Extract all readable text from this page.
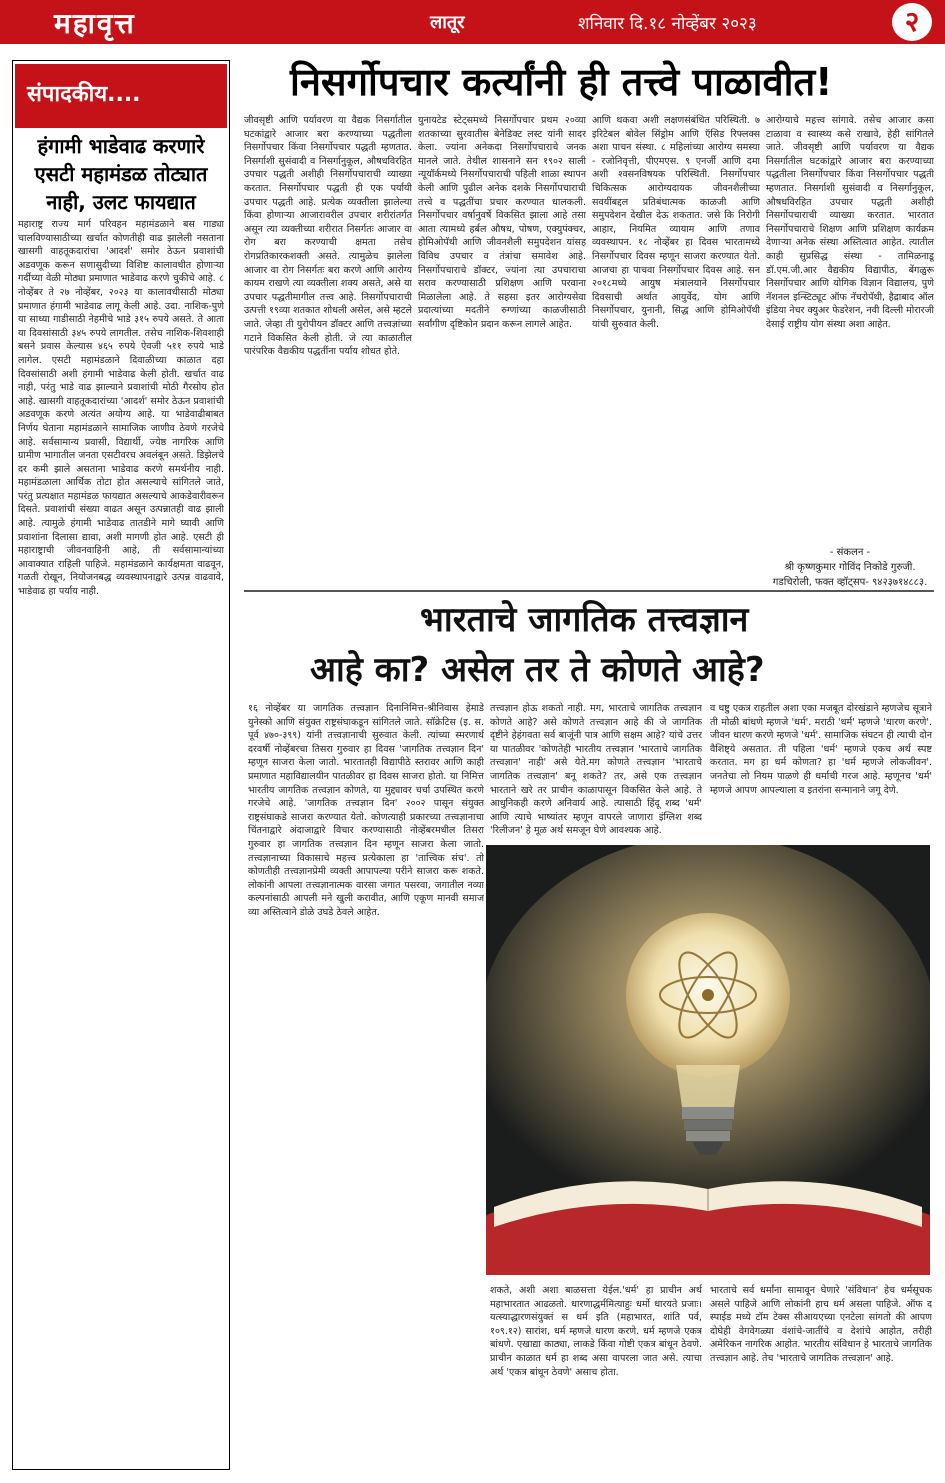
महावृत्त	लातूर	शनिवार दि.१८ नोव्हेंबर २०२३	२
संपादकीय....
हंगामी भाडेवाढ करणारे एसटी महामंडळ तोट्यात नाही, उलट फायद्यात
महाराष्ट्र राज्य मार्ग परिवहन महामंडळाने बस गाड्या चालविण्यासाठीच्या खर्चात कोणतीही वाढ झालेली नसताना खासगी वाहतूकदारांचा 'आदर्श' समोर ठेऊन प्रवाशांची अडवणूक करून सणासुदीच्या विशिष्ट कालावधीत होणाऱ्या गर्दीच्या वेळी मोठ्या प्रमाणात भाडेवाढ करणे चुकीचे आहे. ८ नोव्हेंबर ते २७ नोव्हेंबर, २०२३ या कालावधीसाठी मोठ्या प्रमाणात हंगामी भाडेवाढ लागू केली आहे. उदा. नाशिक-पुणे या साध्या गाडीसाठी नेहमीचे भाडे ३१५ रुपये असते. ते आता या दिवसांसाठी ३४५ रुपये लागतील. तसेच नाशिक-शिवशाही बसने प्रवास केल्यास ४६५ रुपये ऐवजी ५११ रुपये भाडे लागेल. एसटी महामंडळाने दिवाळीच्या काळात दहा दिवसांसाठी अशी हंगामी भाडेवाढ केली होती. खर्चात वाढ नाही, परंतु भाडे वाढ झाल्याने प्रवाशांची मोठी गैरसोय होत आहे. खासगी वाहतूकदारांच्या 'आदर्श' समोर ठेऊन प्रवाशांची अडवणूक करणे अत्यंत अयोग्य आहे. या भाडेवाढीबाबत निर्णय घेताना महामंडळाने सामाजिक जाणीव ठेवणे गरजेचे आहे. सर्वसामान्य प्रवासी, विद्यार्थी, ज्येष्ठ नागरिक आणि ग्रामीण भागातील जनता एसटीवरच अवलंबून असते. डिझेलचे दर कमी झाले असताना भाडेवाढ करणे समर्थनीय नाही. महामंडळाला आर्थिक तोटा होत असल्याचे सांगितले जाते, परंतु प्रत्यक्षात महामंडळ फायद्यात असल्याचे आकडेवारीवरून दिसते. प्रवाशांची संख्या वाढत असून उत्पन्नातही वाढ झाली आहे. त्यामुळे हंगामी भाडेवाढ तातडीने मागे घ्यावी आणि प्रवाशांना दिलासा द्यावा, अशी मागणी होत आहे. एसटी ही महाराष्ट्राची जीवनवाहिनी आहे, ती सर्वसामान्यांच्या आवाक्यात राहिली पाहिजे. महामंडळाने कार्यक्षमता वाढवून, गळती रोखून, नियोजनबद्ध व्यवस्थापनाद्वारे उत्पन्न वाढवावे, भाडेवाढ हा पर्याय नाही.
निसर्गोपचार कर्त्यांनी ही तत्त्वे पाळावीत!
जीवसृष्टी आणि पर्यावरण या वैद्यक निसर्गातील घटकांद्वारे आजार बरा करण्याच्या पद्धतीला निसर्गोपचार किंवा निसर्गोपचार पद्धती म्हणतात. निसर्गाशी सुसंवादी व निसर्गानुकूल, औषधविरहित उपचार पद्धती अशीही निसर्गोपचाराची व्याख्या करतात. निसर्गोपचार पद्धती ही एक पर्यायी उपचार पद्धती आहे. प्रत्येक व्यक्तीला झालेल्या किंवा होणाऱ्या आजारावरील उपचार शरीरांतर्गत असून त्या व्यक्तीच्या शरीरात निसर्गतः आजार वा रोग बरा करण्याची क्षमता तसेच रोगप्रतिकारकशक्ती असते. त्यामुळेच झालेला आजार वा रोग निसर्गतः बरा करणे आणि आरोग्य कायम राखणे त्या व्यक्तीला शक्य असते, असे या उपचार पद्धतीमागील तत्त्व आहे. निसर्गोपचाराची उत्पत्ती १९व्या शतकात शोधली असेल, असे म्हटले जाते. जेव्हा ती युरोपीयन डॉक्टर आणि तत्त्वज्ञांच्या गटाने विकसित केली होती. जे त्या काळातील पारंपरिक वैद्यकीय पद्धतींना पर्याय शोधत होते.
युनायटेड स्टेट्समध्ये निसर्गोपचार प्रथम २०व्या शतकाच्या सुरवातीस बेनेडिक्ट लस्ट यांनी सादर केला. ज्यांना अनेकदा निसर्गोपचाराचे जनक मानले जाते. तेथील शासनाने सन १९०२ साली न्यूयॉर्कमध्ये निसर्गोपचाराची पहिली शाळा स्थापन केली आणि पुढील अनेक दशके निसर्गोपचाराची तत्त्वे व पद्धतींचा प्रचार करण्यात धालकली. निसर्गोपचार वर्षानुवर्षे विकसित झाला आहे तसा आता त्यामध्ये हर्बल औषध, पोषण, एक्युपंक्चर, होमिओपॅथी आणि जीवनशैली समुपदेशन यांसह विविध उपचार व तंत्रांचा समावेश आहे. निसर्गोपचाराचे डॉक्टर, ज्यांना त्या उपचाराचा सराव करण्यासाठी प्रशिक्षण आणि परवाना मिळालेला आहे. ते सहसा इतर आरोग्यसेवा प्रदात्यांच्या मदतीने रुग्णांच्या काळजीसाठी सर्वांगीण दृष्टिकोन प्रदान करून लागले आहेत.
आणि थकवा अशी लक्षणसंबंधित परिस्थिती. ७ इरिटेबल बोवेल सिंड्रोम आणि ऍसिड रिफ्लक्स अशा पाचन संस्था. ८ महिलांच्या आरोग्य समस्या - रजोनिवृत्ती, पीएमएस. ९ एनर्जी आणि दमा अशी श्वसनविषयक परिस्थिती. निसर्गोपचार चिकित्सक आरोग्यदायक जीवनशैलीच्या सवयींबद्दल प्रतिबंधात्मक काळजी आणि समुपदेशन देखील देऊ शकतात. जसे कि निरोगी आहार, नियमित व्यायाम आणि तणाव व्यवस्थापन. १८ नोव्हेंबर हा दिवस भारतामध्ये निसर्गोपचार दिवस म्हणून साजरा करण्यात येतो. आजचा हा पाचवा निसर्गोपचार दिवस आहे. सन २०१८मध्ये आयुष मंत्रालयाने निसर्गोपचार दिवसाची अर्थात आयुर्वेद, योग आणि निसर्गोपचार, युनानी, सिद्ध आणि होमिओपॅथी यांची सुरुवात केली.
आरोग्याचे महत्त्व सांगावे. तसेच आजार कसा टाळावा व स्वास्थ्य कसे राखावे, हेही सांगितले जाते. जीवसृष्टी आणि पर्यावरण या वैद्यक निसर्गातील घटकांद्वारे आजार बरा करण्याच्या पद्धतीला निसर्गोपचार किंवा निसर्गोपचार पद्धती म्हणतात. निसर्गाशी सुसंवादी व निसर्गानुकूल, औषधविरहित उपचार पद्धती अशीही निसर्गोपचाराची व्याख्या करतात. भारतात निसर्गोपचाराचे शिक्षण आणि प्रशिक्षण कार्यक्रम देणाऱ्या अनेक संस्था अस्तित्वात आहेत. त्यातील काही सुप्रसिद्ध संस्था - तामिळनाडू डॉ.एम.जी.आर वैद्यकीय विद्यापीठ, बेंगळुरू निसर्गोपचार आणि योगिक विज्ञान विद्यालय, पुणे नॅशनल इन्स्टिट्यूट ऑफ नॅचरोपॅथी, हैद्राबाद ऑल इंडिया नेचर क्युअर फेडरेशन, नवी दिल्ली मोरारजी देसाई राष्ट्रीय योग संस्था अशा आहेत.
- संकलन -
श्री कृष्णकुमार गोविंद निकोडे गुरुजी.
गडचिरोली, फक्त व्हॉट्सप- ९४२३७१४८८३.
भारताचे जागतिक तत्त्वज्ञान
आहे का? असेल तर ते कोणते आहे?
१६ नोव्हेंबर या जागतिक तत्त्वज्ञान दिनानिमित्त-श्रीनिवास हेमाडे युनेस्को आणि संयुक्त राष्ट्रसंघाकडून सांगितले जाते. सॉक्रेटिस (इ. स. पूर्व ४७०-३९९) यांनी तत्त्वज्ञानाची सुरुवात केली. त्यांच्या स्मरणार्थ दरवर्षी नोव्हेंबरचा तिसरा गुरुवार हा दिवस 'जागतिक तत्त्वज्ञान दिन' म्हणून साजरा केला जातो. भारतातही विद्यापीठे स्तरावर आणि काही प्रमाणात महाविद्यालयीन पातळीवर हा दिवस साजरा होतो. या निमित्त भारतीय जागतिक तत्त्वज्ञान कोणते, या मुद्द्यावर चर्चा उपस्थित करणे गरजेचे आहे. 'जागतिक तत्त्वज्ञान दिन' २००२ पासून संयुक्त राष्ट्रसंघाकडे साजरा करण्यात येतो. कोणत्याही प्रकारच्या तत्त्वज्ञानाचा चिंतनाद्वारे अंदाजाद्वारे विचार करण्यासाठी नोव्हेंबरमधील तिसरा गुरुवार हा जागतिक तत्त्वज्ञान दिन म्हणून साजरा केला जातो. तत्त्वज्ञानाच्या विकासाचे महत्त्व प्रत्येकाला हा 'तात्त्विक संच'. तो कोणतीही तत्त्वज्ञानप्रेमी व्यक्ती आपापल्या परीने साजरा करू शकते. लोकांनी आपला तत्त्वज्ञानात्मक वारसा जगात पसरवा, जगातील नव्या कल्पनांसाठी आपली मने खुली करावीत, आणि एकूण मानवी समाज व्या अस्तित्वाने डोळे उघडे ठेवले आहेत.
तत्त्वज्ञान होऊ शकतो नाही. मग, भारताचे जागतिक तत्त्वज्ञान कोणते आहे? असे कोणते तत्त्वज्ञान आहे की जे जागतिक दृष्टीने हेहंगवता सर्व बाजूंनी पात्र आणि सक्षम आहे? यांचे उत्तर या पातळीवर 'कोणतेही भारतीय तत्त्वज्ञान 'भारताचे जागतिक तत्त्वज्ञान' नाही' असे येते.मग कोणते तत्त्वज्ञान 'भारताचे जागतिक तत्त्वज्ञान' बनू शकते? तर, असे एक तत्त्वज्ञान भारताने खरे तर प्राचीन काळापासून विकसित केले आहे. ते आधुनिकही करणे अनिवार्य आहे. त्यासाठी हिंदू शब्द 'धर्म' आणि त्याचे भाष्यांतर म्हणून वापरले जाणारा इंग्लिश शब्द 'रिलीजन' हे मूळ अर्थ समजून घेणे आवश्यक आहे.
व धष्टु एकत्र राहतील अशा एका मजबूत दोरखंडाने म्हणजेच सूत्राने ती मोळी बांधणे म्हणजे 'धर्म'. मराठी 'धर्म' म्हणजे 'धारण करणे'. जीवन धारण करणे म्हणजे 'धर्म'. सामाजिक संघटन ही त्याची दोन वैशिष्ट्ये असतात. ती पहिला 'धर्म' म्हणजे एकच अर्थ स्पष्ट करतात. मग हा धर्म कोणता? हा 'धर्म म्हणजे लोकजीवन'. जनतेचा लो नियम पाळणे ही धर्माची गरज आहे. म्हणूनच 'धर्म' म्हणजे आपण आपल्याला व इतरांना सन्मानाने जगू देणे.
शकते, अशी अशा बाळसत्ता येईल.'धर्म' हा प्राचीन अर्थ महाभारतात आढळतो. धारणाद्धर्ममित्याहुः धर्मो धारयते प्रजाः। यत्स्याद्धारणसंयुक्तं स धर्म इति (महाभारत, शांति पर्व, १०९.१२) सारांश, धर्म म्हणजे धारण करणे. धर्म म्हणजे एकत्र बांधणे. एखाद्या काठ्या, लाकडे किंवा गोष्टी एकत्र बांधून ठेवणे. प्राचीन काळात धर्म हा शब्द असा वापरला जात असे. त्याचा अर्थ 'एकत्र बांधून ठेवणे' असाच होता.
भारताचे सर्व धर्मांना सामावून घेणारे 'संविधान' हेच धर्मसूचक असले पाहिजे आणि लोकांनी हाच धर्म असला पाहिजे. ऑफ द स्पाईड मध्ये टॉम टेक्स सीआयएच्या एनटेला सांगतो की आपण दोघेही वेगवेगळ्या वंशांचे-जातींचे व देशांचे आहोत, तरीही अमेरिकन नागरिक आहोत. भारतीय संविधान हे भारताचे जागतिक तत्त्वज्ञान आहे. तेच 'भारताचे जागतिक तत्त्वज्ञान' आहे.
